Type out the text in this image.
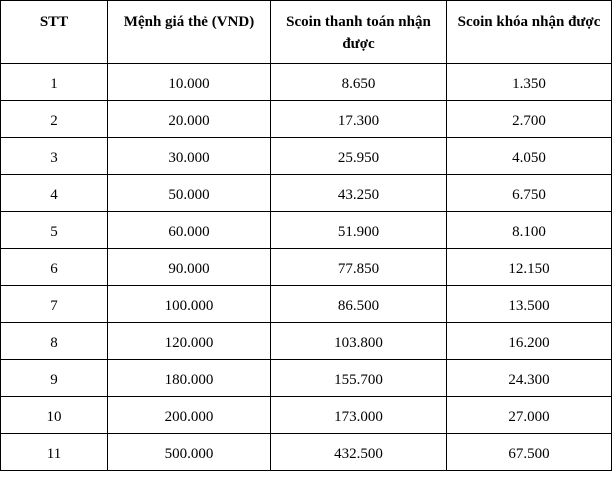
STT	Mệnh giá thẻ (VND)	Scoin thanh toán nhận được	Scoin khóa nhận được

1	10.000	8.650	1.350
2	20.000	17.300	2.700
3	30.000	25.950	4.050
4	50.000	43.250	6.750
5	60.000	51.900	8.100
6	90.000	77.850	12.150
7	100.000	86.500	13.500
8	120.000	103.800	16.200
9	180.000	155.700	24.300
10	200.000	173.000	27.000
11	500.000	432.500	67.500
